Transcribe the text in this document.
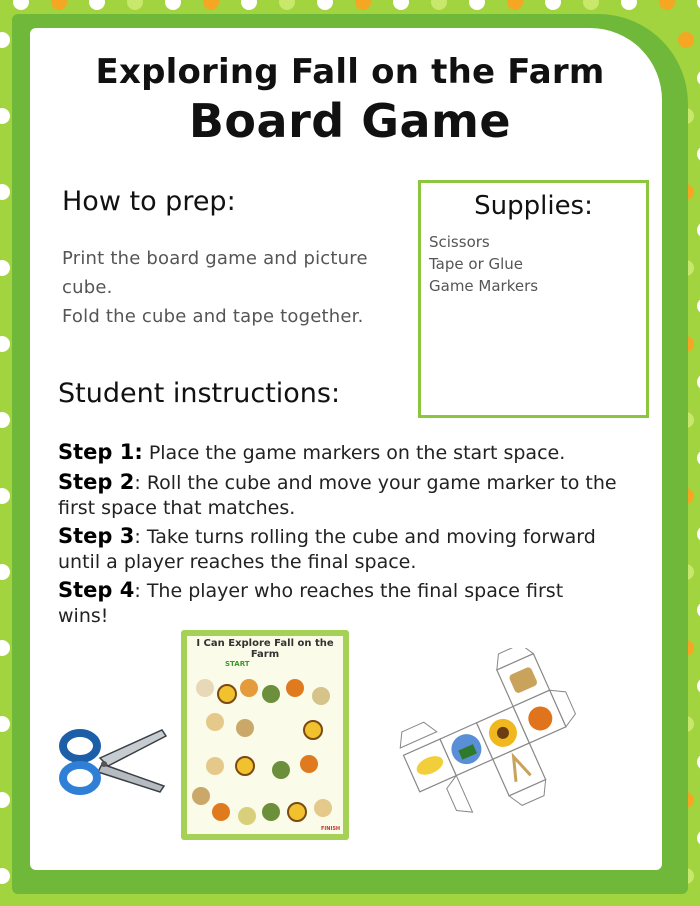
Exploring Fall on the Farm
Board Game
How to prep:
Print the board game and picture
cube.
Fold the cube and tape together.
Supplies:
Scissors
Tape or Glue
Game Markers
Student instructions:
Step 1: Place the game markers on the start space.
Step 2: Roll the cube and move your game marker to the
first space that matches.
Step 3: Take turns rolling the cube and moving forward
until a player reaches the final space.
Step 4: The player who reaches the final space first
wins!
I Can Explore Fall on the Farm
START
FINISH
